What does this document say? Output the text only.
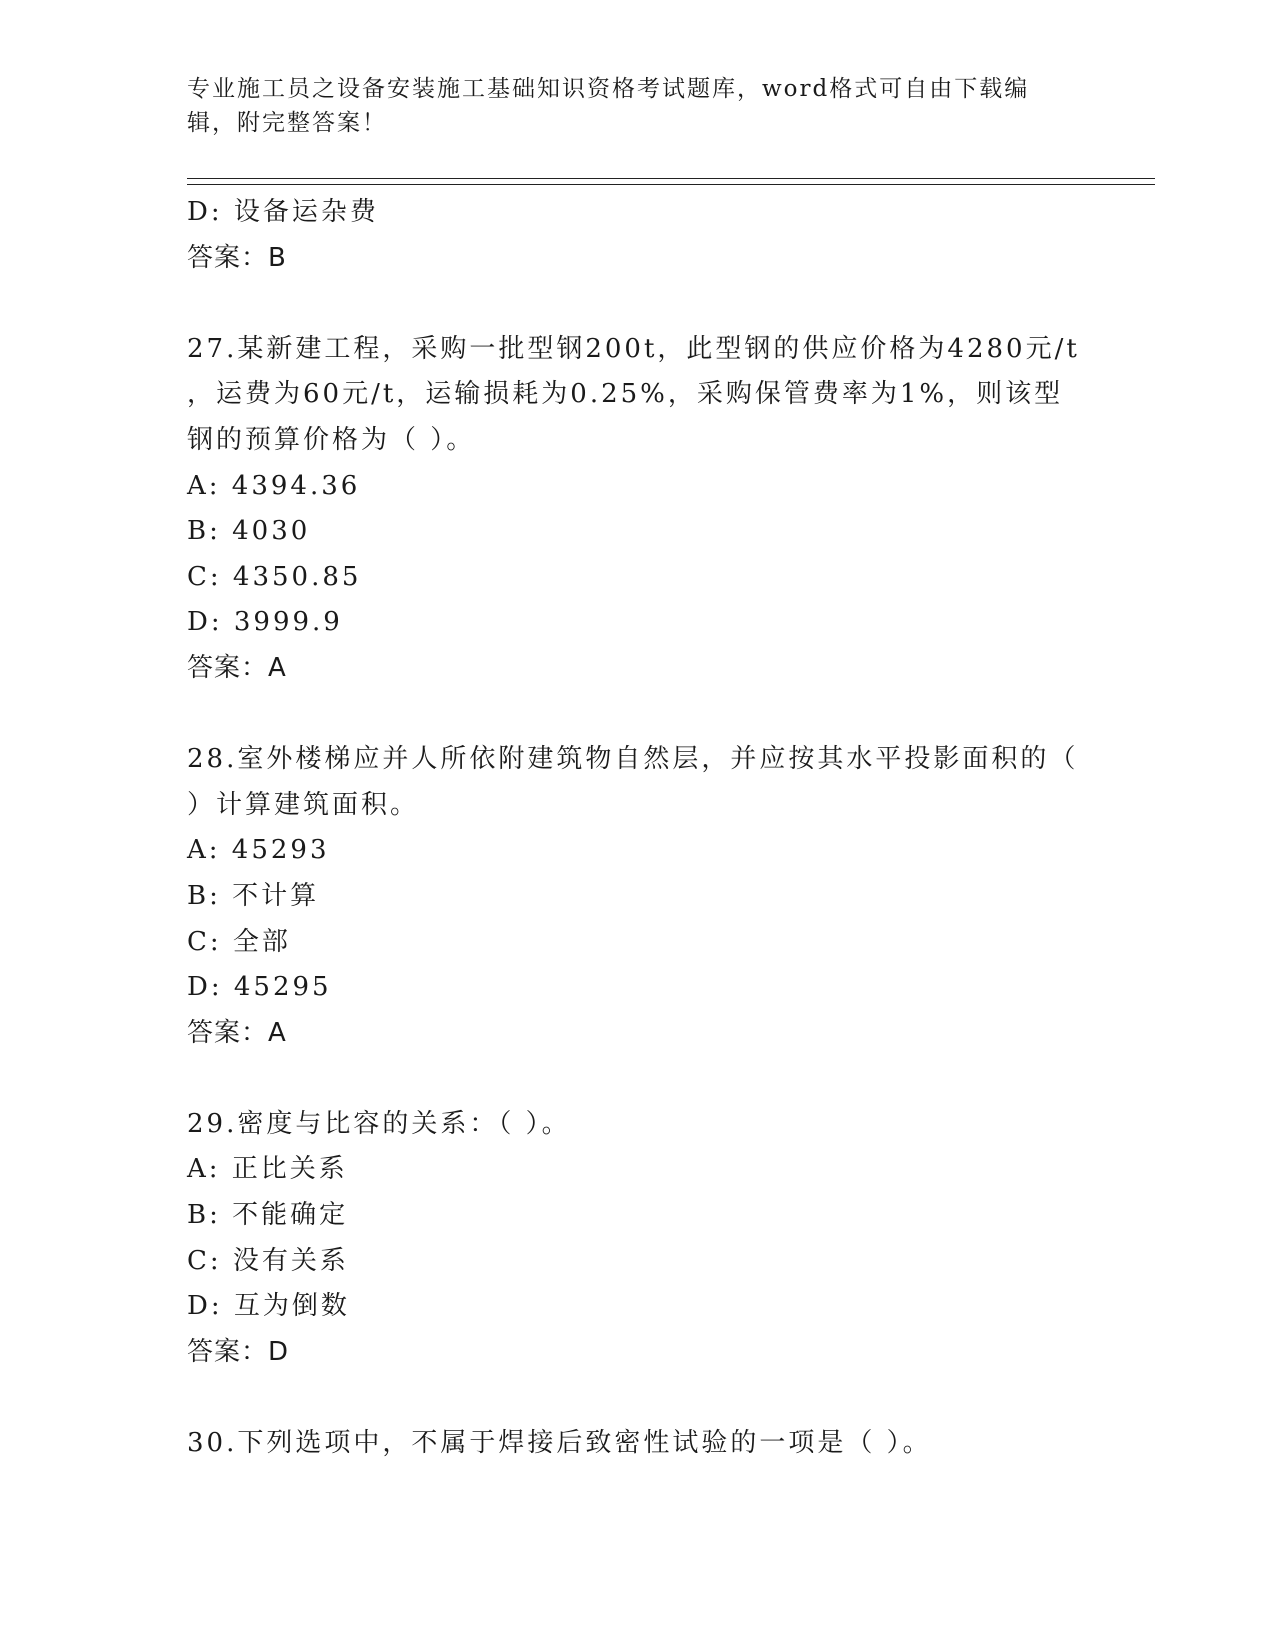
专业施工员之设备安装施工基础知识资格考试题库，word格式可自由下载编辑，附完整答案！
D: 设备运杂费
答案：B
27.某新建工程，采购一批型钢200t，此型钢的供应价格为4280元/t
，运费为60元/t，运输损耗为0.25%，采购保管费率为1%，则该型
钢的预算价格为（ ）。
A: 4394.36
B: 4030
C: 4350.85
D: 3999.9
答案：A
28.室外楼梯应并人所依附建筑物自然层，并应按其水平投影面积的（
）计算建筑面积。
A: 45293
B: 不计算
C: 全部
D: 45295
答案：A
29.密度与比容的关系：（ ）。
A: 正比关系
B: 不能确定
C: 没有关系
D: 互为倒数
答案：D
30.下列选项中，不属于焊接后致密性试验的一项是（ ）。
